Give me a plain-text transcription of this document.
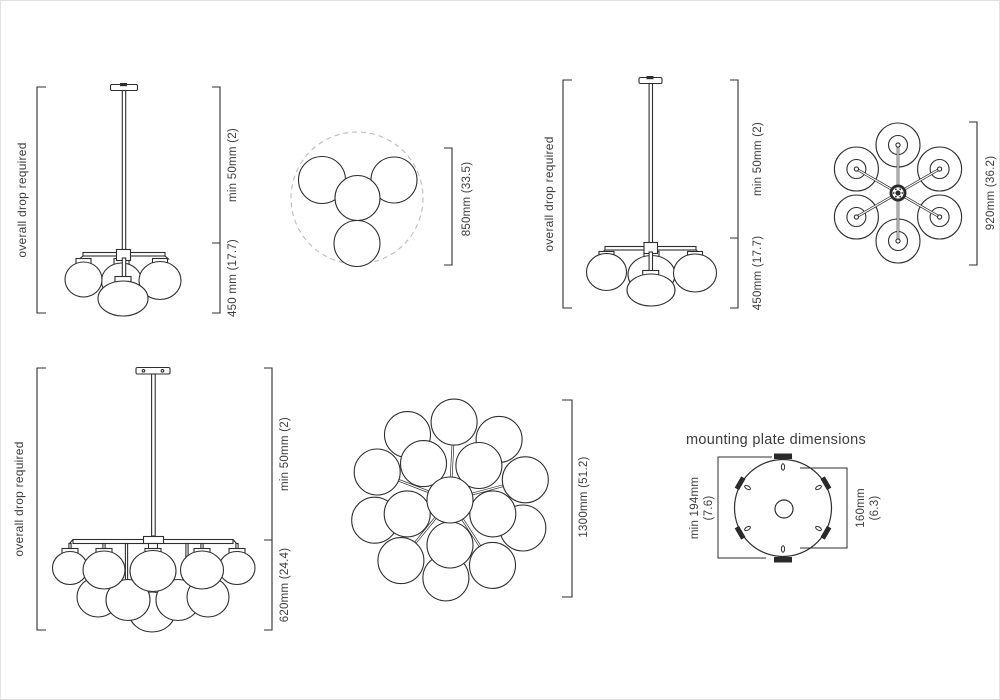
overall drop required	min 50mm (2)
450 mm (17.7)
850mm (33.5)	overall drop required	min 50mm (2)
450mm (17.7)
920mm (36.2)
overall drop required	min 50mm (2)
620mm (24.4)
1300mm (51.2)
mounting plate dimensions
min 194mm (7.6)	160mm (6.3)
